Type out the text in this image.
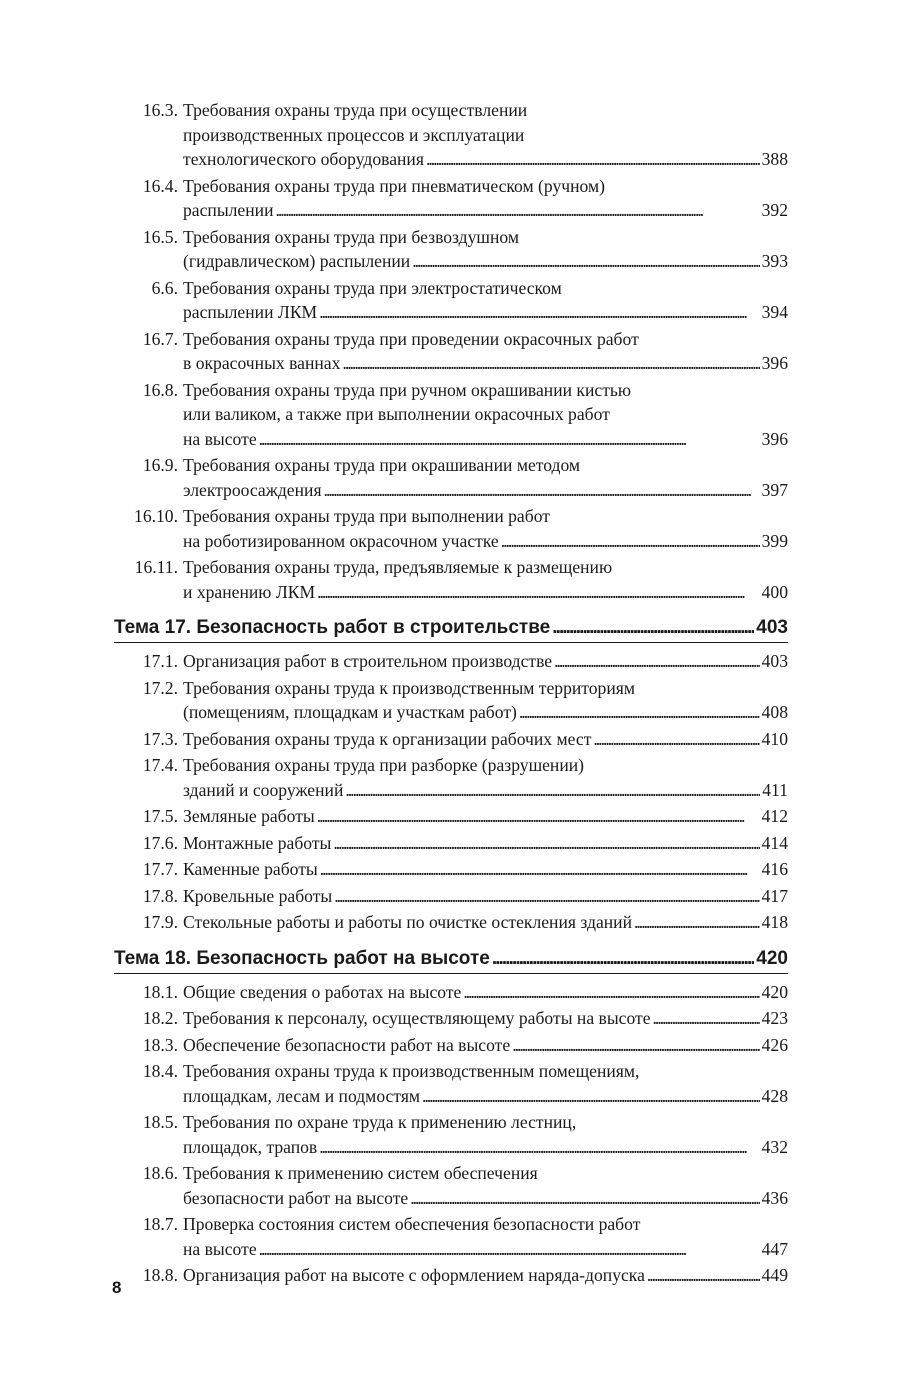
16.3. Требования охраны труда при осуществлении
производственных процессов и эксплуатации
технологического оборудования . . .	388
16.4. Требования охраны труда при пневматическом (ручном)
распылении . . .	392
16.5. Требования охраны труда при безвоздушном
(гидравлическом) распылении . . .	393
6.6. Требования охраны труда при электростатическом
распылении ЛКМ . . .	394
16.7. Требования охраны труда при проведении окрасочных работ
в окрасочных ваннах . . .	396
16.8. Требования охраны труда при ручном окрашивании кистью
или валиком, а также при выполнении окрасочных работ
на высоте . . .	396
16.9. Требования охраны труда при окрашивании методом
электроосаждения . . .	397
16.10. Требования охраны труда при выполнении работ
на роботизированном окрасочном участке . . .	399
16.11. Требования охраны труда, предъявляемые к размещению
и хранению ЛКМ . . .	400
Тема 17. Безопасность работ в строительстве . . .	403
17.1. Организация работ в строительном производстве . . .	403
17.2. Требования охраны труда к производственным территориям
(помещениям, площадкам и участкам работ) . . .	408
17.3. Требования охраны труда к организации рабочих мест . . .	410
17.4. Требования охраны труда при разборке (разрушении)
зданий и сооружений . . .	411
17.5. Земляные работы . . .	412
17.6. Монтажные работы . . .	414
17.7. Каменные работы . . .	416
17.8. Кровельные работы . . .	417
17.9. Стекольные работы и работы по очистке остекления зданий . . .	418
Тема 18. Безопасность работ на высоте . . .	420
18.1. Общие сведения о работах на высоте . . .	420
18.2. Требования к персоналу, осуществляющему работы на высоте . . .	423
18.3. Обеспечение безопасности работ на высоте . . .	426
18.4. Требования охраны труда к производственным помещениям,
площадкам, лесам и подмостям . . .	428
18.5. Требования по охране труда к применению лестниц,
площадок, трапов . . .	432
18.6. Требования к применению систем обеспечения
безопасности работ на высоте . . .	436
18.7. Проверка состояния систем обеспечения безопасности работ
на высоте . . .	447
18.8. Организация работ на высоте с оформлением наряда-допуска . . .	449
8
